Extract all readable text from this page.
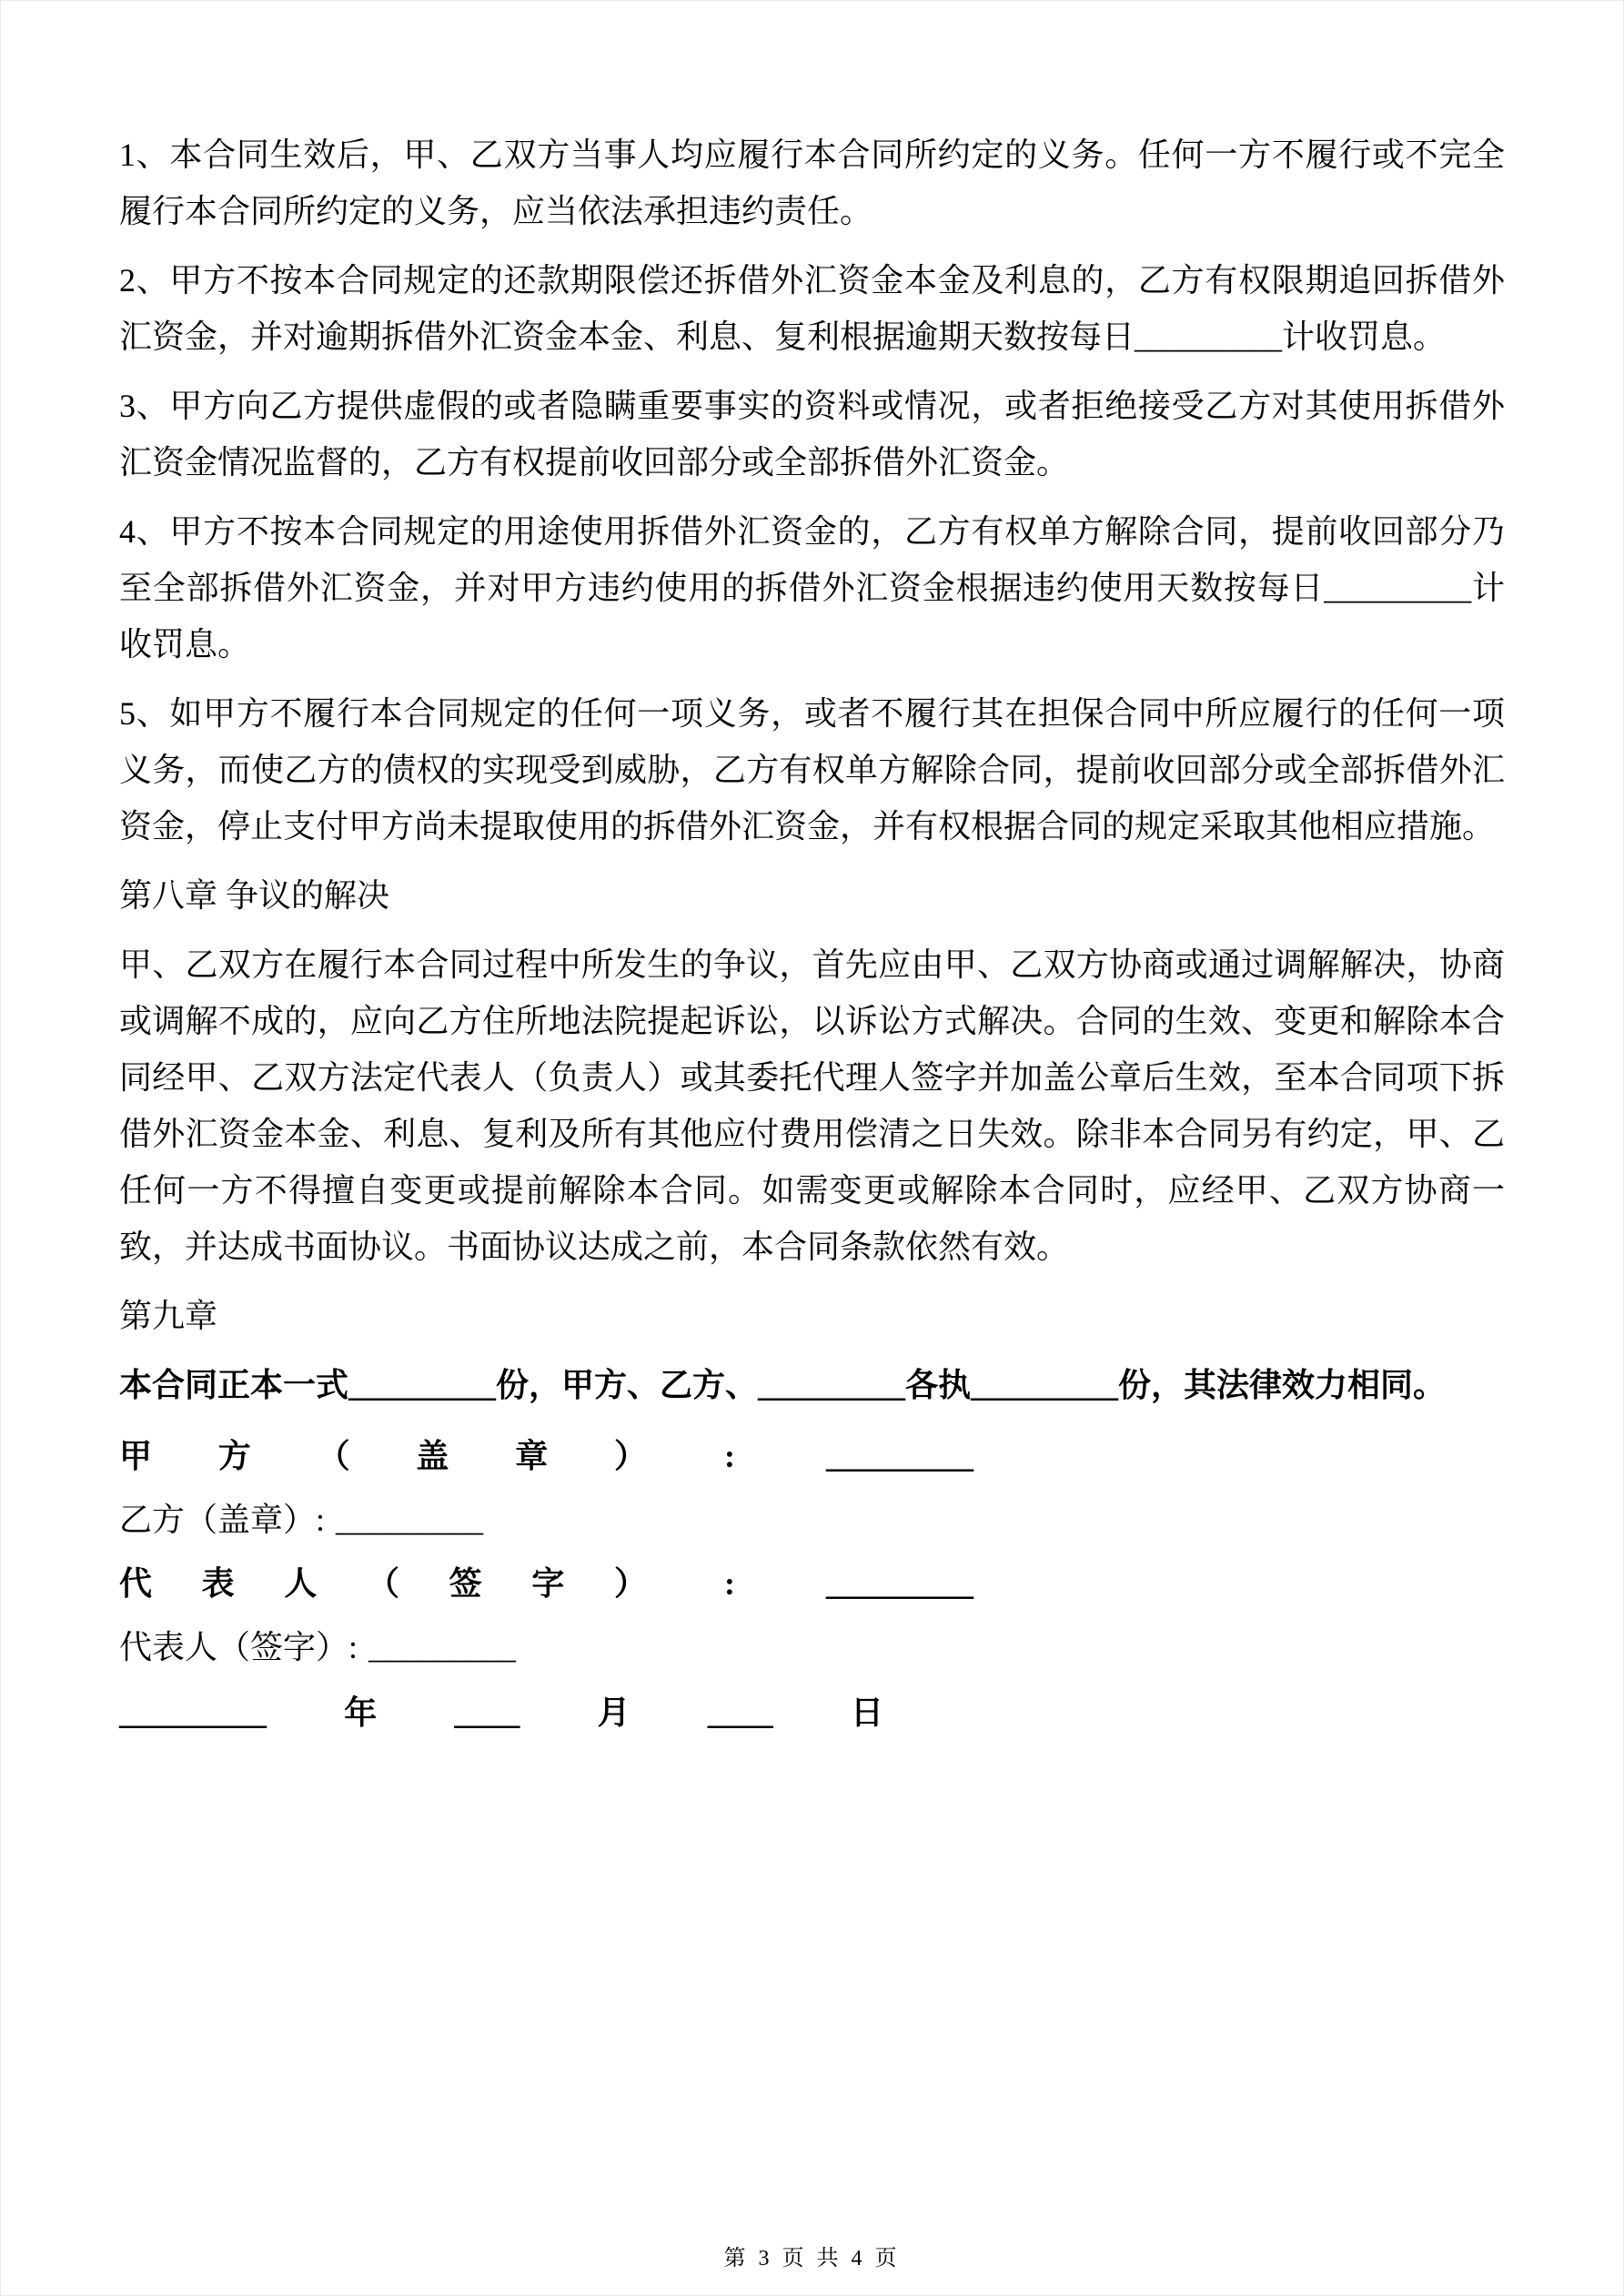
1、本合同生效后，甲、乙双方当事人均应履行本合同所约定的义务。任何一方不履行或不完全履行本合同所约定的义务，应当依法承担违约责任。

2、甲方不按本合同规定的还款期限偿还拆借外汇资金本金及利息的，乙方有权限期追回拆借外汇资金，并对逾期拆借外汇资金本金、利息、复利根据逾期天数按每日_________计收罚息。

3、甲方向乙方提供虚假的或者隐瞒重要事实的资料或情况，或者拒绝接受乙方对其使用拆借外汇资金情况监督的，乙方有权提前收回部分或全部拆借外汇资金。

4、甲方不按本合同规定的用途使用拆借外汇资金的，乙方有权单方解除合同，提前收回部分乃至全部拆借外汇资金，并对甲方违约使用的拆借外汇资金根据违约使用天数按每日_________计收罚息。

5、如甲方不履行本合同规定的任何一项义务，或者不履行其在担保合同中所应履行的任何一项义务，而使乙方的债权的实现受到威胁，乙方有权单方解除合同，提前收回部分或全部拆借外汇资金，停止支付甲方尚未提取使用的拆借外汇资金，并有权根据合同的规定采取其他相应措施。

第八章 争议的解决

甲、乙双方在履行本合同过程中所发生的争议，首先应由甲、乙双方协商或通过调解解决，协商或调解不成的，应向乙方住所地法院提起诉讼，以诉讼方式解决。合同的生效、变更和解除本合同经甲、乙双方法定代表人（负责人）或其委托代理人签字并加盖公章后生效，至本合同项下拆借外汇资金本金、利息、复利及所有其他应付费用偿清之日失效。除非本合同另有约定，甲、乙任何一方不得擅自变更或提前解除本合同。如需变更或解除本合同时，应经甲、乙双方协商一致，并达成书面协议。书面协议达成之前，本合同条款依然有效。

第九章

本合同正本一式_________份，甲方、乙方、_________各执_________份，其法律效力相同。

甲方（盖章） :	_________
乙方（盖章）: _________
代表人（签字） :	_________
代表人（签字）: _________
_________ 年 ____ 月 ____ 日
第 3 页 共 4 页
